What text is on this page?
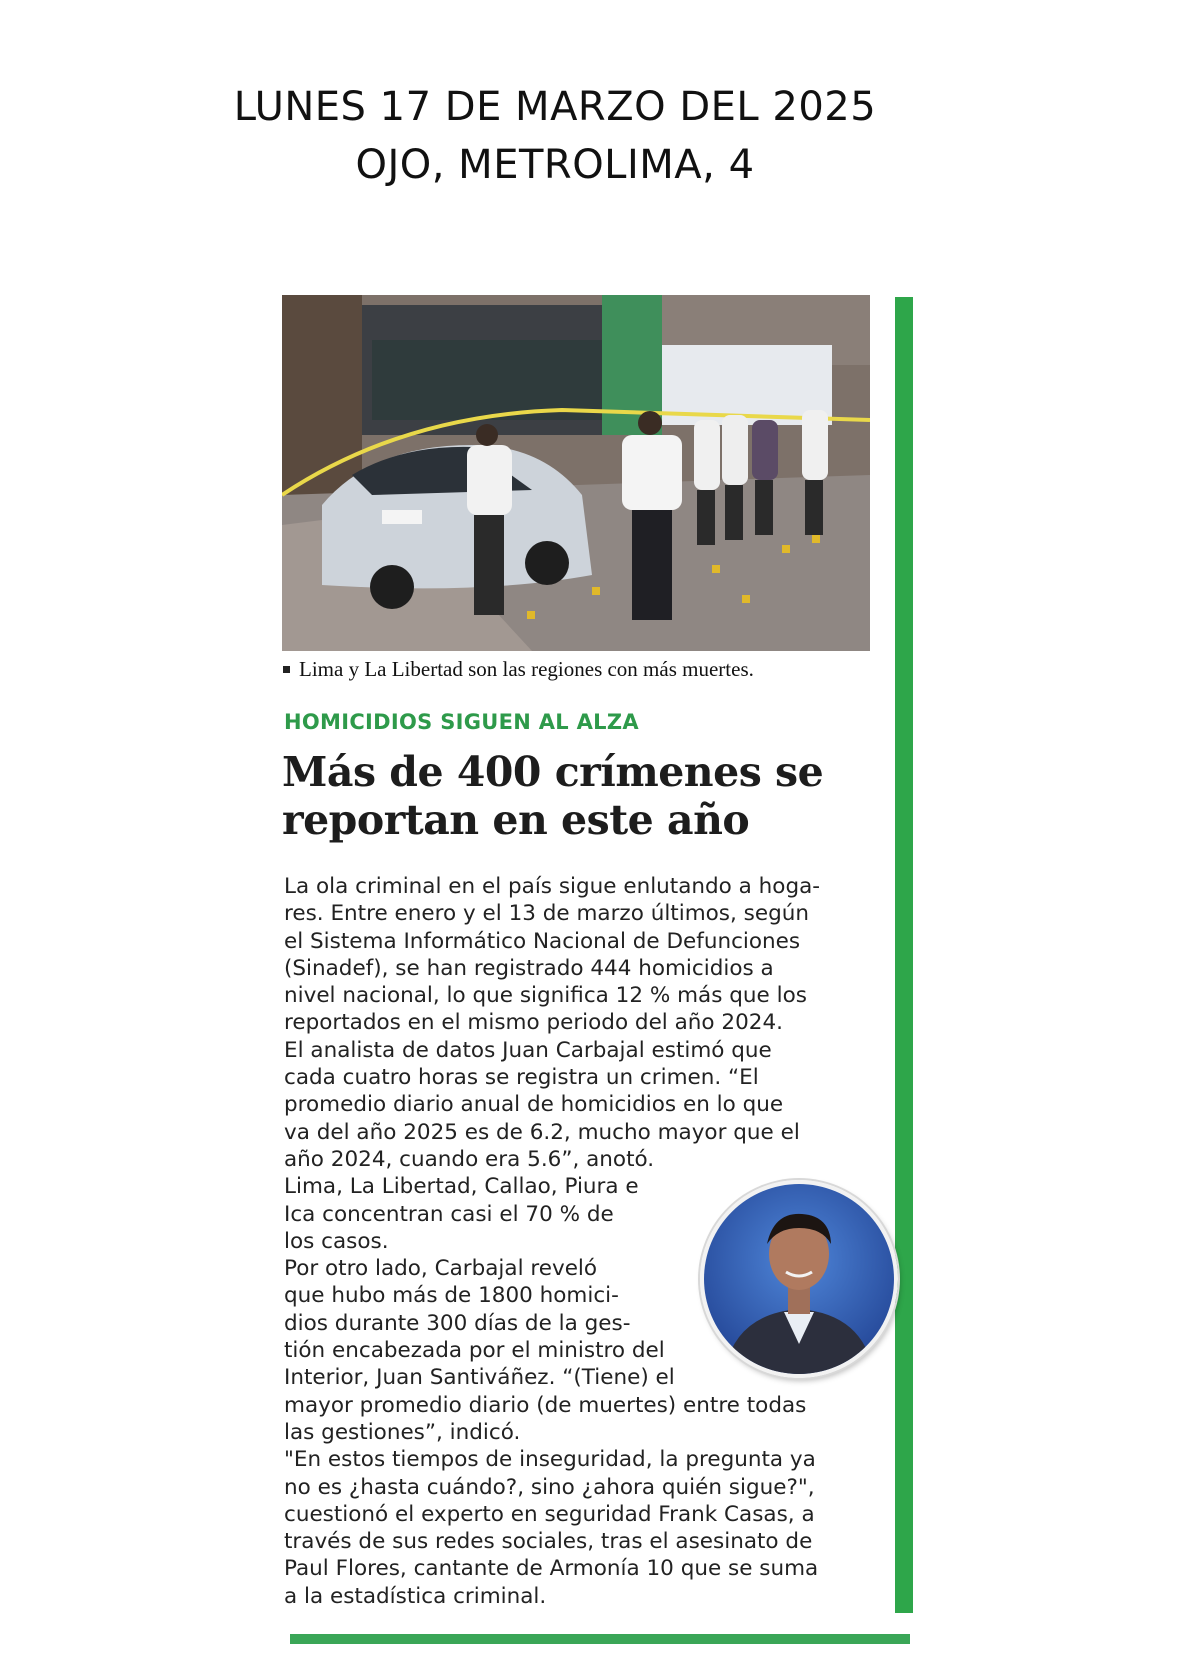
LUNES 17 DE MARZO DEL 2025
OJO, METROLIMA, 4
Lima y La Libertad son las regiones con más muertes.
HOMICIDIOS SIGUEN AL ALZA
Más de 400 crímenes se
reportan en este año
La ola criminal en el país sigue enlutando a hoga-
res. Entre enero y el 13 de marzo últimos, según
el Sistema Informático Nacional de Defunciones
(Sinadef), se han registrado 444 homicidios a
nivel nacional, lo que significa 12 % más que los
reportados en el mismo periodo del año 2024.
El analista de datos Juan Carbajal estimó que
cada cuatro horas se registra un crimen. “El
promedio diario anual de homicidios en lo que
va del año 2025 es de 6.2, mucho mayor que el
año 2024, cuando era 5.6”, anotó.
Lima, La Libertad, Callao, Piura e
Ica concentran casi el 70 % de
los casos.
Por otro lado, Carbajal reveló
que hubo más de 1800 homici-
dios durante 300 días de la ges-
tión encabezada por el ministro del
Interior, Juan Santiváñez. “(Tiene) el
mayor promedio diario (de muertes) entre todas
las gestiones”, indicó.
"En estos tiempos de inseguridad, la pregunta ya
no es ¿hasta cuándo?, sino ¿ahora quién sigue?",
cuestionó el experto en seguridad Frank Casas, a
través de sus redes sociales, tras el asesinato de
Paul Flores, cantante de Armonía 10 que se suma
a la estadística criminal.
